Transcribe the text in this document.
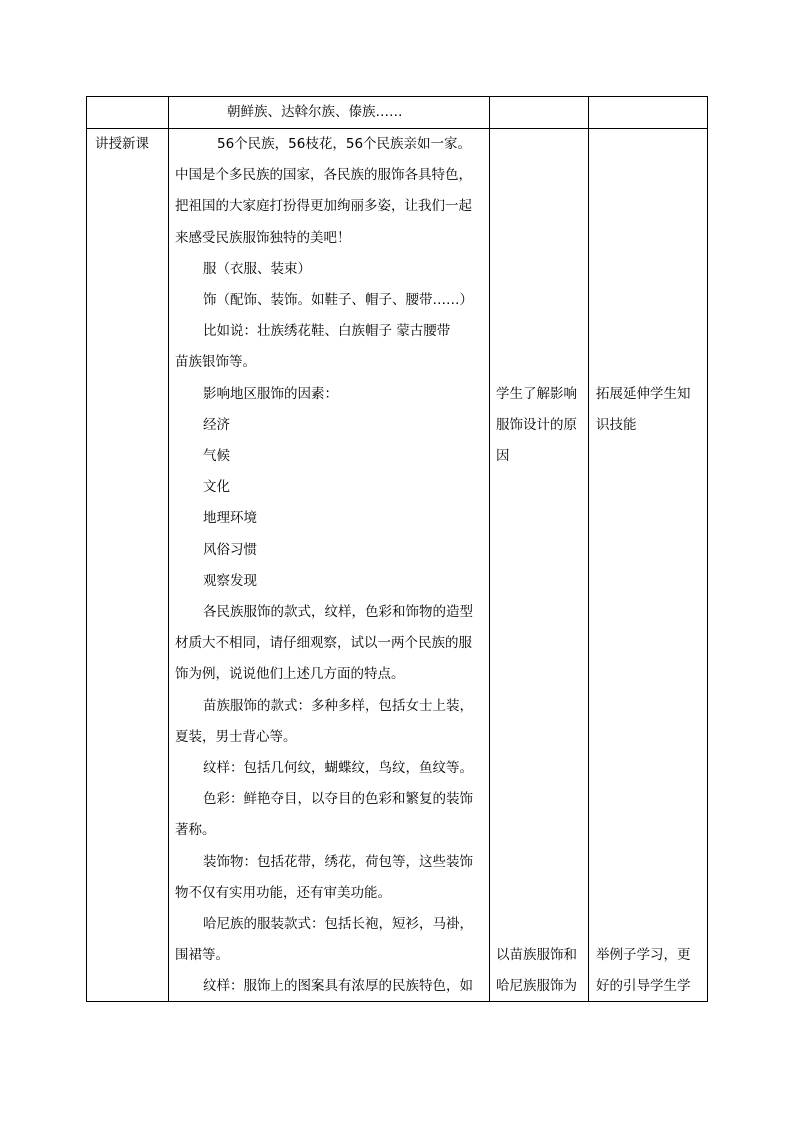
朝鲜族、达斡尔族、傣族……
讲授新课	56个民族，56枝花，56个民族亲如一家。
中国是个多民族的国家，各民族的服饰各具特色，
把祖国的大家庭打扮得更加绚丽多姿，让我们一起
来感受民族服饰独特的美吧！
服（衣服、装束）
饰（配饰、装饰。如鞋子、帽子、腰带……）
比如说：壮族绣花鞋、白族帽子 蒙古腰带
苗族银饰等。
影响地区服饰的因素：
经济
气候
文化
地理环境
风俗习惯
观察发现
各民族服饰的款式，纹样，色彩和饰物的造型
材质大不相同，请仔细观察，试以一两个民族的服
饰为例，说说他们上述几方面的特点。
苗族服饰的款式：多种多样，包括女士上装，
夏装，男士背心等。
纹样：包括几何纹，蝴蝶纹，鸟纹，鱼纹等。
色彩：鲜艳夺目，以夺目的色彩和繁复的装饰
著称。
装饰物：包括花带，绣花，荷包等，这些装饰
物不仅有实用功能，还有审美功能。
哈尼族的服装款式：包括长袍，短衫，马褂，
围裙等。
纹样：服饰上的图案具有浓厚的民族特色，如
学生了解影响
服饰设计的原
因
以苗族服饰和
哈尼族服饰为
拓展延伸学生知
识技能
举例子学习，更
好的引导学生学
